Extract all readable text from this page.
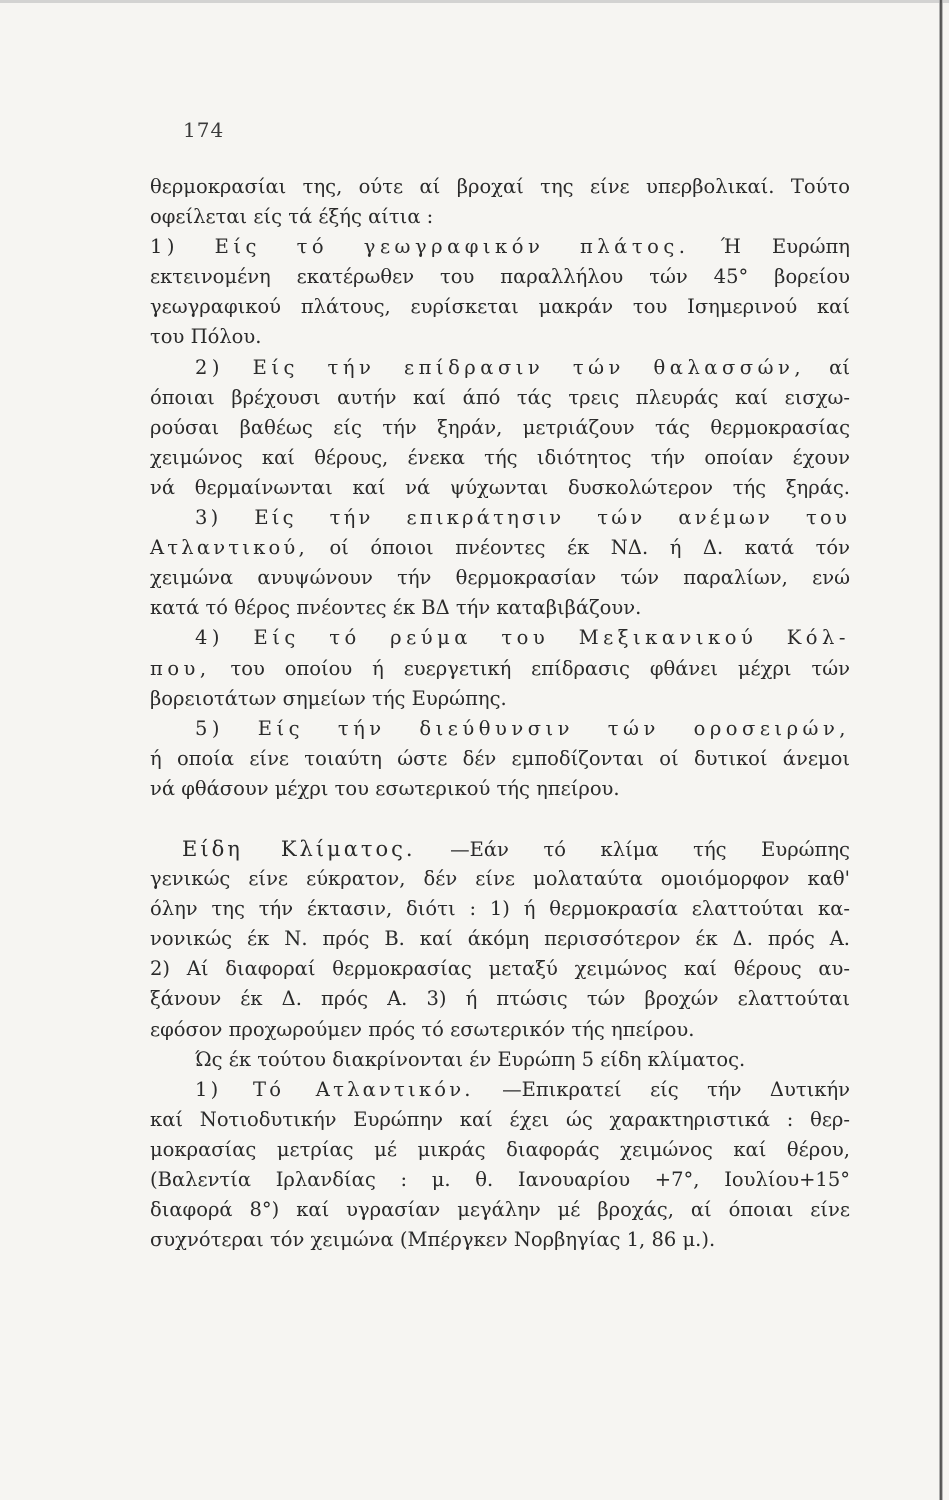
174
θερμοκρασίαι της, ούτε αί βροχαί της είνε υπερβολικαί. Τούτο
οφείλεται είς τά έξής αίτια :
1) Είς τό γεωγραφικόν πλάτος. Ή Ευρώπη
εκτεινομένη εκατέρωθεν του παραλλήλου τών 45° βορείου
γεωγραφικού πλάτους, ευρίσκεται μακράν του Ισημερινού καί
του Πόλου.
2) Είς τήν επίδρασιν τών θαλασσών, αί
όποιαι βρέχουσι αυτήν καί άπό τάς τρεις πλευράς καί εισχω-
ρούσαι βαθέως είς τήν ξηράν, μετριάζουν τάς θερμοκρασίας
χειμώνος καί θέρους, ένεκα τής ιδιότητος τήν οποίαν έχουν
νά θερμαίνωνται καί νά ψύχωνται δυσκολώτερον τής ξηράς.
3) Είς τήν επικράτησιν τών ανέμων του
Ατλαντικού, οί όποιοι πνέοντες έκ ΝΔ. ή Δ. κατά τόν
χειμώνα ανυψώνουν τήν θερμοκρασίαν τών παραλίων, ενώ
κατά τό θέρος πνέοντες έκ ΒΔ τήν καταβιβάζουν.
4) Είς τό ρεύμα του Μεξικανικού Κόλ-
που, του οποίου ή ευεργετική επίδρασις φθάνει μέχρι τών
βορειοτάτων σημείων τής Ευρώπης.
5) Είς τήν διεύθυνσιν τών οροσειρών,
ή οποία είνε τοιαύτη ώστε δέν εμποδίζονται οί δυτικοί άνεμοι
νά φθάσουν μέχρι του εσωτερικού τής ηπείρου.
Είδη Κλίματος. —Εάν τό κλίμα τής Ευρώπης
γενικώς είνε εύκρατον, δέν είνε μολαταύτα ομοιόμορφον καθ'
όλην της τήν έκτασιν, διότι : 1) ή θερμοκρασία ελαττούται κα-
νονικώς έκ Ν. πρός Β. καί άκόμη περισσότερον έκ Δ. πρός Α.
2) Αί διαφοραί θερμοκρασίας μεταξύ χειμώνος καί θέρους αυ-
ξάνουν έκ Δ. πρός Α. 3) ή πτώσις τών βροχών ελαττούται
εφόσον προχωρούμεν πρός τό εσωτερικόν τής ηπείρου.
Ώς έκ τούτου διακρίνονται έν Ευρώπη 5 είδη κλίματος.
1) Τό Ατλαντικόν. —Επικρατεί είς τήν Δυτικήν
καί Νοτιοδυτικήν Ευρώπην καί έχει ώς χαρακτηριστικά : θερ-
μοκρασίας μετρίας μέ μικράς διαφοράς χειμώνος καί θέρου,
(Βαλεντία Ιρλανδίας : μ. θ. Ιανουαρίου +7°, Ιουλίου+15°
διαφορά 8°) καί υγρασίαν μεγάλην μέ βροχάς, αί όποιαι είνε
συχνότεραι τόν χειμώνα (Μπέργκεν Νορβηγίας 1, 86 μ.).
